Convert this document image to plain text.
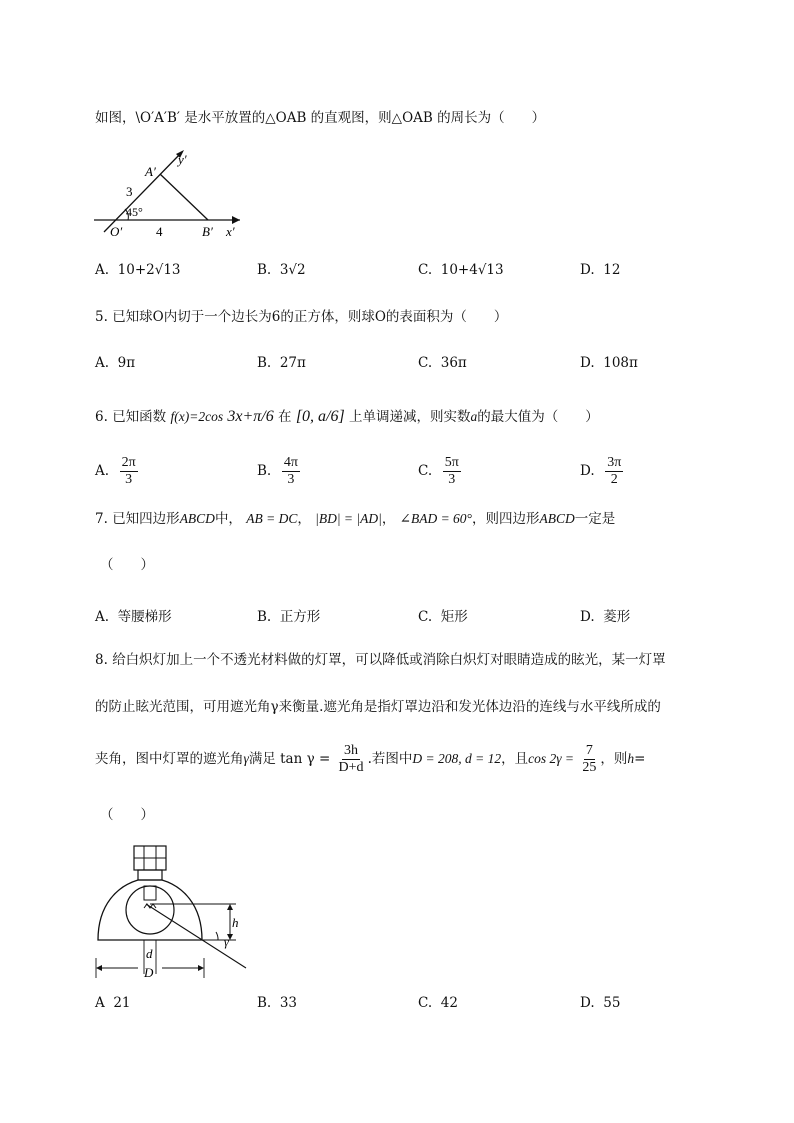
如图，\O′A′B′ 是水平放置的△OAB 的直观图，则△OAB 的周长为（　　）
y′
A′
3
45°
O′	4	B′ x′
A. 10+2√13	B. 3√2	C. 10+4√13	D. 12
5. 已知球O内切于一个边长为6的正方体，则球O的表面积为（　　）
A. 9π	B. 27π	C. 36π	D. 108π
6. 已知函数 f(x)=2cos 3x+π/6 在 [0, a/6] 上单调递减，则实数a的最大值为（　　）
A. $\frac{2\pi}{3}$	B. $\frac{4\pi}{3}$	C. $\frac{5\pi}{3}$	D. $\frac{3\pi}{2}$
7. 已知四边形ABCD中， AB = DC， |BD| = |AD|， ∠BAD = 60°，则四边形ABCD一定是
（　　）
A. 等腰梯形	B. 正方形	C. 矩形	D. 菱形
8. 给白炽灯加上一个不透光材料做的灯罩，可以降低或消除白炽灯对眼睛造成的眩光，某一灯罩
的防止眩光范围，可用遮光角γ来衡量.遮光角是指灯罩边沿和发光体边沿的连线与水平线所成的
夹角，图中灯罩的遮光角γ满足 $\tan \gamma = \frac{3h}{D+d}$ .若图中D = 208, d = 12，且$\cos 2\gamma = \frac{7}{25}$ ，则h=
（　　）
h
γ
d
D
A 21	B. 33	C. 42	D. 55
